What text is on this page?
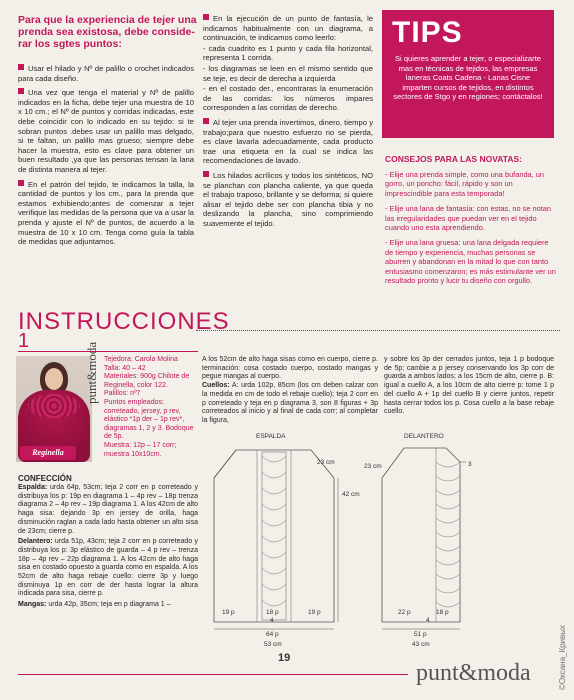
Para que la experiencia de tejer una prenda sea existosa, debe conside-rar los sgtes puntos:

Usar el hilado y Nº de palillo o crochet indicados para cada diseño.

Una vez que tenga el material y Nº de palillo indicados en la ficha, debe tejer una muestra de 10 x 10 cm.; el Nº de puntos y corridas indicadas, este debe coincidir con lo indicado en su tejido: si te sobran puntos .debes usar un palillo mas delgado, si te faltan, un palillo mas grueso; siempre debe hacer la muestra, esto es clave para obtener un buen resultado ,ya que las personas tensan la lana de distinta manera al tejer.

En el patrón del tejido, te indicamos la talla, la cantidad de puntos y los cm., para la prenda que estamos exhibiendo;antes de comenzar a tejer verifique las medidas de la persona que va a usar la prenda y ajuste el Nº de puntos, de acuerdo a la muestra de 10 x 10 cm. Tenga como guía la tabla de medidas que adjuntamos.

En la ejecución de un punto de fantasía, le indicamos habitualmente con un diagrama, a continuación, te indicamos como leerlo:

- cada cuadrito es 1 punto y cada fila horizontal, representa 1 corrida.

- los diagramas se leen en el mismo sentido que se teje, es decir de derecha a izquierda

- en el costado der., encontraras la enumeración de las corridas: los números impares corresponden a las corridas de derecho.

Al tejer una prenda invertimos, dinero, tiempo y trabajo;para que nuestro esfuerzo no se pierda, es clave lavarla adecuadamente, cada producto trae una etiqueta en la cual se indica las recomendaciones de lavado.

Los hilados acrílicos y todos los sintéticos, NO se planchan con plancha caliente, ya que queda el trabajo traposo, brillante y se deforma; si quiere alisar el tejido debe ser con plancha tibia y no deslizando la plancha, sino comprimiendo suavemente el tejido.

TIPS
Si quieres aprender a tejer, o especializarte mas en técnicas de tejidos, las empresas laneras Coats Cadena - Lanas Cisne imparten cursos de tejidos, en distintos sectores de Stgo y en regiones; contáctalos!
CONSEJOS PARA LAS NOVATAS:

- Elije una prenda simple, como una bufanda, un gorro, un poncho: fácil, rápido y son un imprescindible para esta temporada!

- Elije una lana de fantasía: con estas, no se notan las irregularidades que puedan ver en el tejido cuando uno esta aprendiendo.

- Elije una lana gruesa: una lana delgada requiere de tiempo y experiencia, muchas personas se aburren y abandonan en la mitad lo que con tanto entusiasmo comenzaron; es más estimulante ver un resultado pronto y lucir tu diseño con orgullo.

INSTRUCCIONES
1
punt&moda
Reginella
Tejedora: Carola Molina
Talla: 40 – 42
Materiales: 900g Chilote de Reginella, color 122.
Palillos: nº7
Puntos empleados: correteado, jersey, p rev, elástico *1p der – 1p rev*, diagramas 1, 2 y 3. Bodoque de 5p.
Muestra: 12p – 17 corr; muestra 10x10cm.
CONFECCIÓN
Espalda: urda 64p, 53cm; teja 2 corr en p correteado y distribuya los p: 19p en diagrama 1 – 4p rev – 18p trenza diagrama 2 – 4p rev – 19p diagrama 1. A los 42cm de alto haga sisa: dejando 3p en jersey de orilla, haga disminución raglan a cada lado hasta obtener un alto sisa de 23cm; cierre p.
Delantero: urda 51p, 43cm; teja 2 corr en p correteado y distribuya los p: 3p elástico de guarda – 4 p rev – trenza 18p – 4p rev – 22p diagrama 1. A los 42cm de alto haga sisa en costado opuesto a guarda como en espalda. A los 52cm de alto haga rebaje cuello: cierre 3p y luego disminuya 1p en corr de der hasta lograr la altura indicada para sisa, cierre p.
Mangas: urda 42p, 35cm; teja en p diagrama 1 –
A los 52cm de alto haga sisas como en cuerpo, cierre p. terminación: cosa costado cuerpo, costado mangas y pegue mangas al cuerpo.
Cuellos: A: urda 102p, 85cm (los cm deben calzar con la medida en cm de todo el rebaje cuello); teja 2 corr en p correteado y teja en p diagrama 3, son 8 figuras + 3p correteados al inicio y al final de cada corr; al completar la figura,
y sobre los 3p der cerrados juntos, teja 1 p bodoque de 5p; cambie a p jersey conservando los 3p corr de guarda a ambos lados; a los 15cm de alto, cierre p. B: igual a cuello A, a los 10cm de alto cierre p: tome 1 p del cuello A + 1p del cuello B y cierre juntos, repetir hasta cerrar todos los p. Cosa cuello a la base rebaje cuello.
ESPALDA
23 cm
42 cm
19 p	18 p
4
19 p
64 p
53 cm
DELANTERO
23 cm	3
22 p	18 p
4
51 p
43 cm
19
punt&moda	©Оксана_Кривых
